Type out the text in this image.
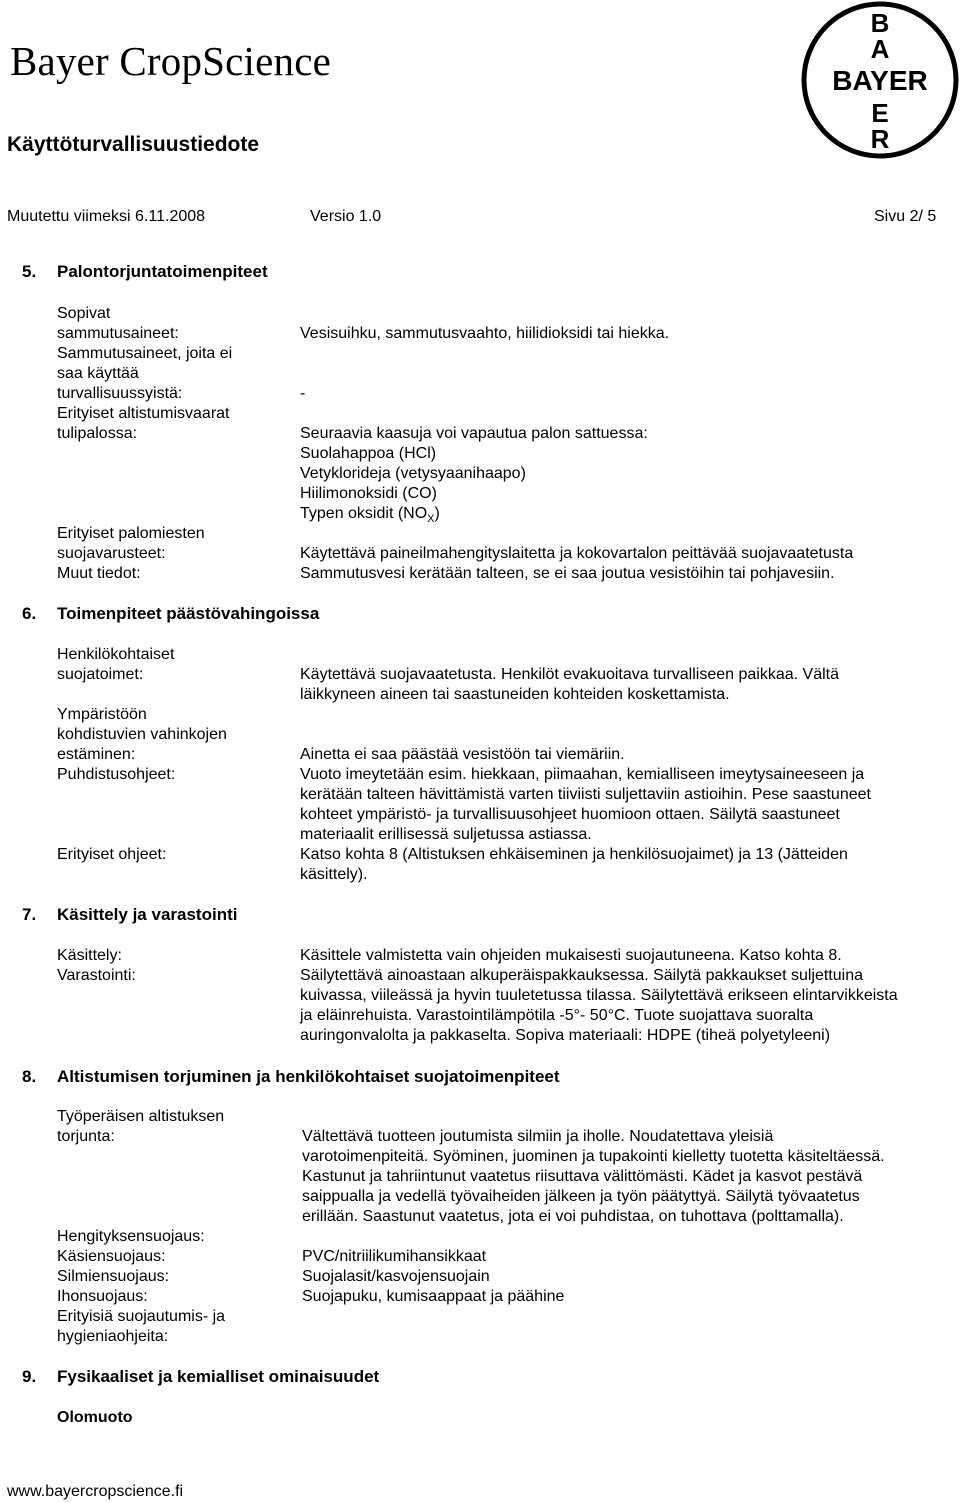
Bayer CropScience
B
A
BAYER
E
R
Käyttöturvallisuustiedote
Muutettu viimeksi 6.11.2008	Versio 1.0	Sivu 2/ 5
5. Palontorjuntatoimenpiteet
Sopivat
sammutusaineet:
Sammutusaineet, joita ei
saa käyttää
turvallisuussyistä:
Erityiset altistumisvaarat
tulipalossa:
Erityiset palomiesten
suojavarusteet:
Muut tiedot:
Vesisuihku, sammutusvaahto, hiilidioksidi tai hiekka.
-
Seuraavia kaasuja voi vapautua palon sattuessa:
Suolahappoa (HCl)
Vetyklorideja (vetysyaanihaapo)
Hiilimonoksidi (CO)
Typen oksidit $(NO_X)$
Käytettävä paineilmahengityslaitetta ja kokovartalon peittävää suojavaatetusta
Sammutusvesi kerätään talteen, se ei saa joutua vesistöihin tai pohjavesiin.
6. Toimenpiteet päästövahingoissa
Henkilökohtaiset
suojatoimet:
Ympäristöön
kohdistuvien vahinkojen
estäminen:
Puhdistusohjeet:
Erityiset ohjeet:
Käytettävä suojavaatetusta. Henkilöt evakuoitava turvalliseen paikkaa. Vältä
läikkyneen aineen tai saastuneiden kohteiden koskettamista.
Ainetta ei saa päästää vesistöön tai viemäriin.
Vuoto imeytetään esim. hiekkaan, piimaahan, kemialliseen imeytysaineeseen ja
kerätään talteen hävittämistä varten tiiviisti suljettaviin astioihin. Pese saastuneet
kohteet ympäristö- ja turvallisuusohjeet huomioon ottaen. Säilytä saastuneet
materiaalit erillisessä suljetussa astiassa.
Katso kohta 8 (Altistuksen ehkäiseminen ja henkilösuojaimet) ja 13 (Jätteiden
käsittely).
7. Käsittely ja varastointi
Käsittely:
Varastointi:
Käsittele valmistetta vain ohjeiden mukaisesti suojautuneena. Katso kohta 8.
Säilytettävä ainoastaan alkuperäispakkauksessa. Säilytä pakkaukset suljettuina
kuivassa, viileässä ja hyvin tuuletetussa tilassa. Säilytettävä erikseen elintarvikkeista
ja eläinrehuista. Varastointilämpötila -5°- 50°C. Tuote suojattava suoralta
auringonvalolta ja pakkaselta. Sopiva materiaali: HDPE (tiheä polyetyleeni)
8. Altistumisen torjuminen ja henkilökohtaiset suojatoimenpiteet
Työperäisen altistuksen
torjunta:
Hengityksensuojaus:
Käsiensuojaus:
Silmiensuojaus:
Ihonsuojaus:
Erityisiä suojautumis- ja
hygieniaohjeita:
Vältettävä tuotteen joutumista silmiin ja iholle. Noudatettava yleisiä
varotoimenpiteitä. Syöminen, juominen ja tupakointi kielletty tuotetta käsiteltäessä.
Kastunut ja tahriintunut vaatetus riisuttava välittömästi. Kädet ja kasvot pestävä
saippualla ja vedellä työvaiheiden jälkeen ja työn päätyttyä. Säilytä työvaatetus
erillään. Saastunut vaatetus, jota ei voi puhdistaa, on tuhottava (polttamalla).
PVC/nitriilikumihansikkaat
Suojalasit/kasvojensuojain
Suojapuku, kumisaappaat ja päähine
9. Fysikaaliset ja kemialliset ominaisuudet
Olomuoto
www.bayercropscience.fi
